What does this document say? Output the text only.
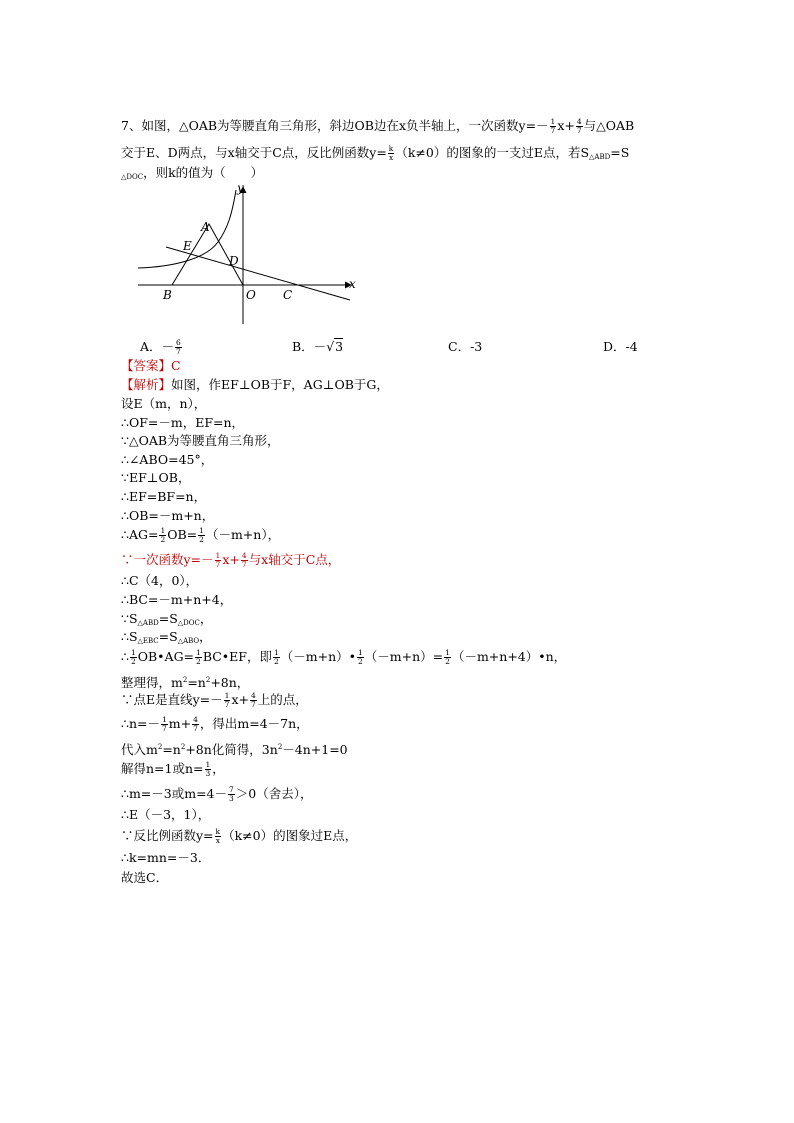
7、如图，△OAB为等腰直角三角形，斜边OB边在x负半轴上，一次函数$y=- \frac{1}{7} x+ \frac{4}{7}$ 与△OAB
交于E、D两点，与x轴交于C点，反比例函数$y= \frac{k}{x} (k\ne 0)$的图象的一支过E点，若$S_{\triangle ABD}=S$
$_{\triangle DOC}$，则k的值为（　　）
y
x
A
E
D
B	O C
A．－ $\frac{6}{7}$	B．－√3	C．-3	D．-4
【答案】C
【解析】如图，作EF⊥OB于F，AG⊥OB于G，
设E（m，n），
∴OF=－m，EF=n，
∵△OAB为等腰直角三角形，
∴∠ABO=45°，
∵EF⊥OB，
∴EF=BF=n，
∴OB=－m+n，
∴AG= $\frac{1}{2} OB= \frac{1}{2} (-m+n)$，
∵一次函数$y=- \frac{1}{7} x+ \frac{4}{7}$ 与x轴交于C点，
∴C（4，0），
∴BC=－m+n+4，
$\because S_{\triangle ABD}=S_{\triangle DOC}$，
$\therefore S_{\triangle EBC}=S_{\triangle ABO}$，
∴ $\frac{1}{2}$ OB•AG= $\frac{1}{2}$ BC•EF，即 $\frac{1}{2}$ （－m+n）• $\frac{1}{2} (-m+n)= \frac{1}{2}$ （－m+n+4）•n，
整理得，$m^2=n^2+8n$，
∵点E是直线$y=- \frac{1}{7} x+ \frac{4}{7}$ 上的点，
∴n=－ $\frac{1}{7} m+ \frac{4}{7}$ ，得出m=4－7n，
代入$m^2=n^2+8n$化简得，$3n^2-4n+1=0$
解得n=1或$n= \frac{1}{3}$ ，
∴m=－3或$m=4- \frac{7}{3} >0$（舍去），
∴E（－3，1），
∵反比例函数$y= \frac{k}{x} (k\ne 0)$的图象过E点，
∴k=mn=－3．
故选C．
